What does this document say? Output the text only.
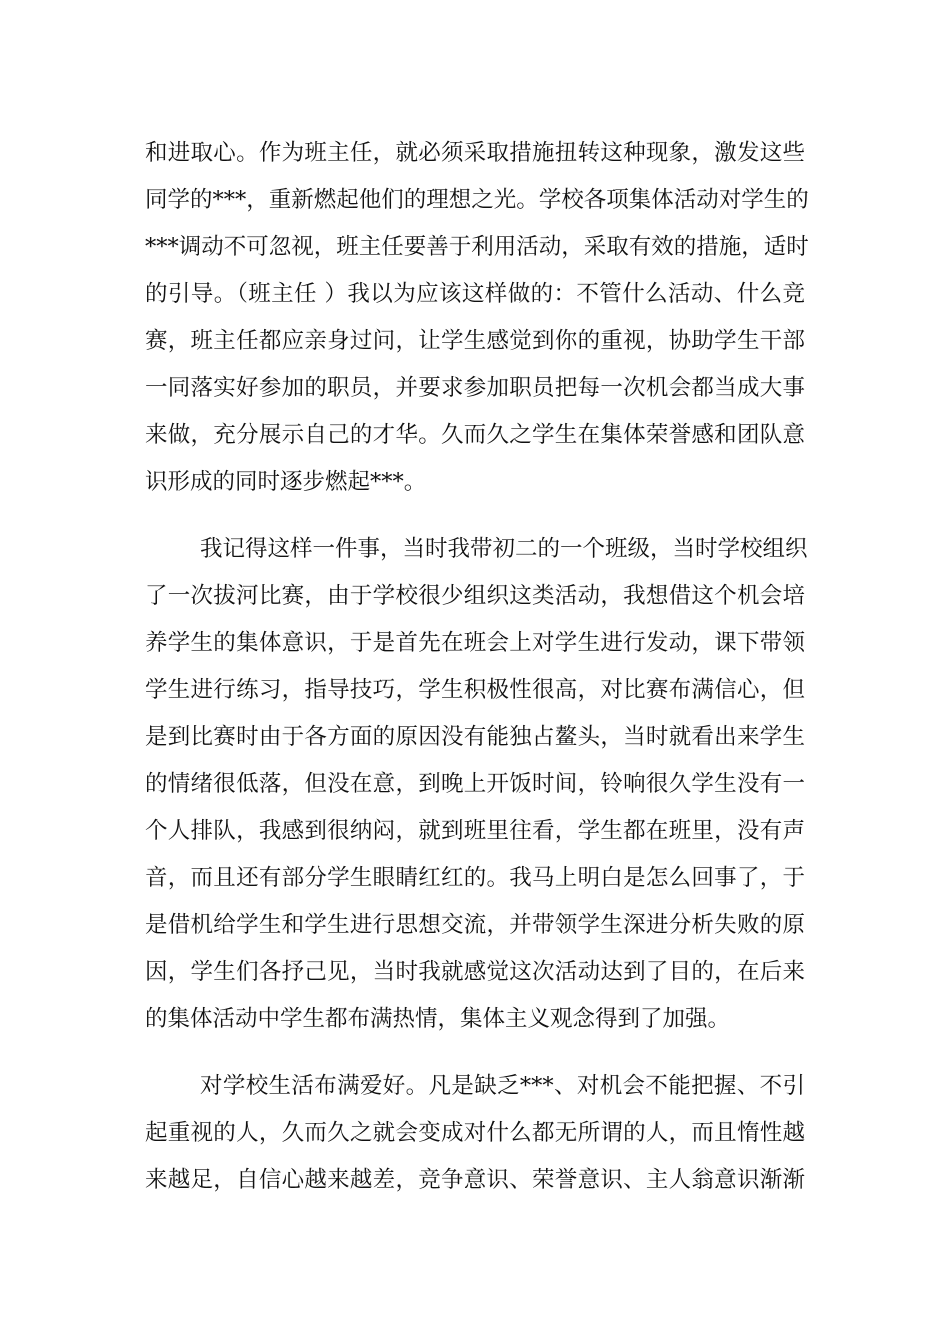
和进取心。作为班主任，就必须采取措施扭转这种现象，激发这些
同学的***，重新燃起他们的理想之光。学校各项集体活动对学生的
***调动不可忽视，班主任要善于利用活动，采取有效的措施，适时
的引导。（班主任 ）我以为应该这样做的：不管什么活动、什么竞
赛，班主任都应亲身过问，让学生感觉到你的重视，协助学生干部
一同落实好参加的职员，并要求参加职员把每一次机会都当成大事
来做，充分展示自己的才华。久而久之学生在集体荣誉感和团队意
识形成的同时逐步燃起***。
我记得这样一件事，当时我带初二的一个班级，当时学校组织
了一次拔河比赛，由于学校很少组织这类活动，我想借这个机会培
养学生的集体意识，于是首先在班会上对学生进行发动，课下带领
学生进行练习，指导技巧，学生积极性很高，对比赛布满信心，但
是到比赛时由于各方面的原因没有能独占鳌头，当时就看出来学生
的情绪很低落，但没在意，到晚上开饭时间，铃响很久学生没有一
个人排队，我感到很纳闷，就到班里往看，学生都在班里，没有声
音，而且还有部分学生眼睛红红的。我马上明白是怎么回事了，于
是借机给学生和学生进行思想交流，并带领学生深进分析失败的原
因，学生们各抒己见，当时我就感觉这次活动达到了目的，在后来
的集体活动中学生都布满热情，集体主义观念得到了加强。
对学校生活布满爱好。凡是缺乏***、对机会不能把握、不引
起重视的人，久而久之就会变成对什么都无所谓的人，而且惰性越
来越足，自信心越来越差，竞争意识、荣誉意识、主人翁意识渐渐
